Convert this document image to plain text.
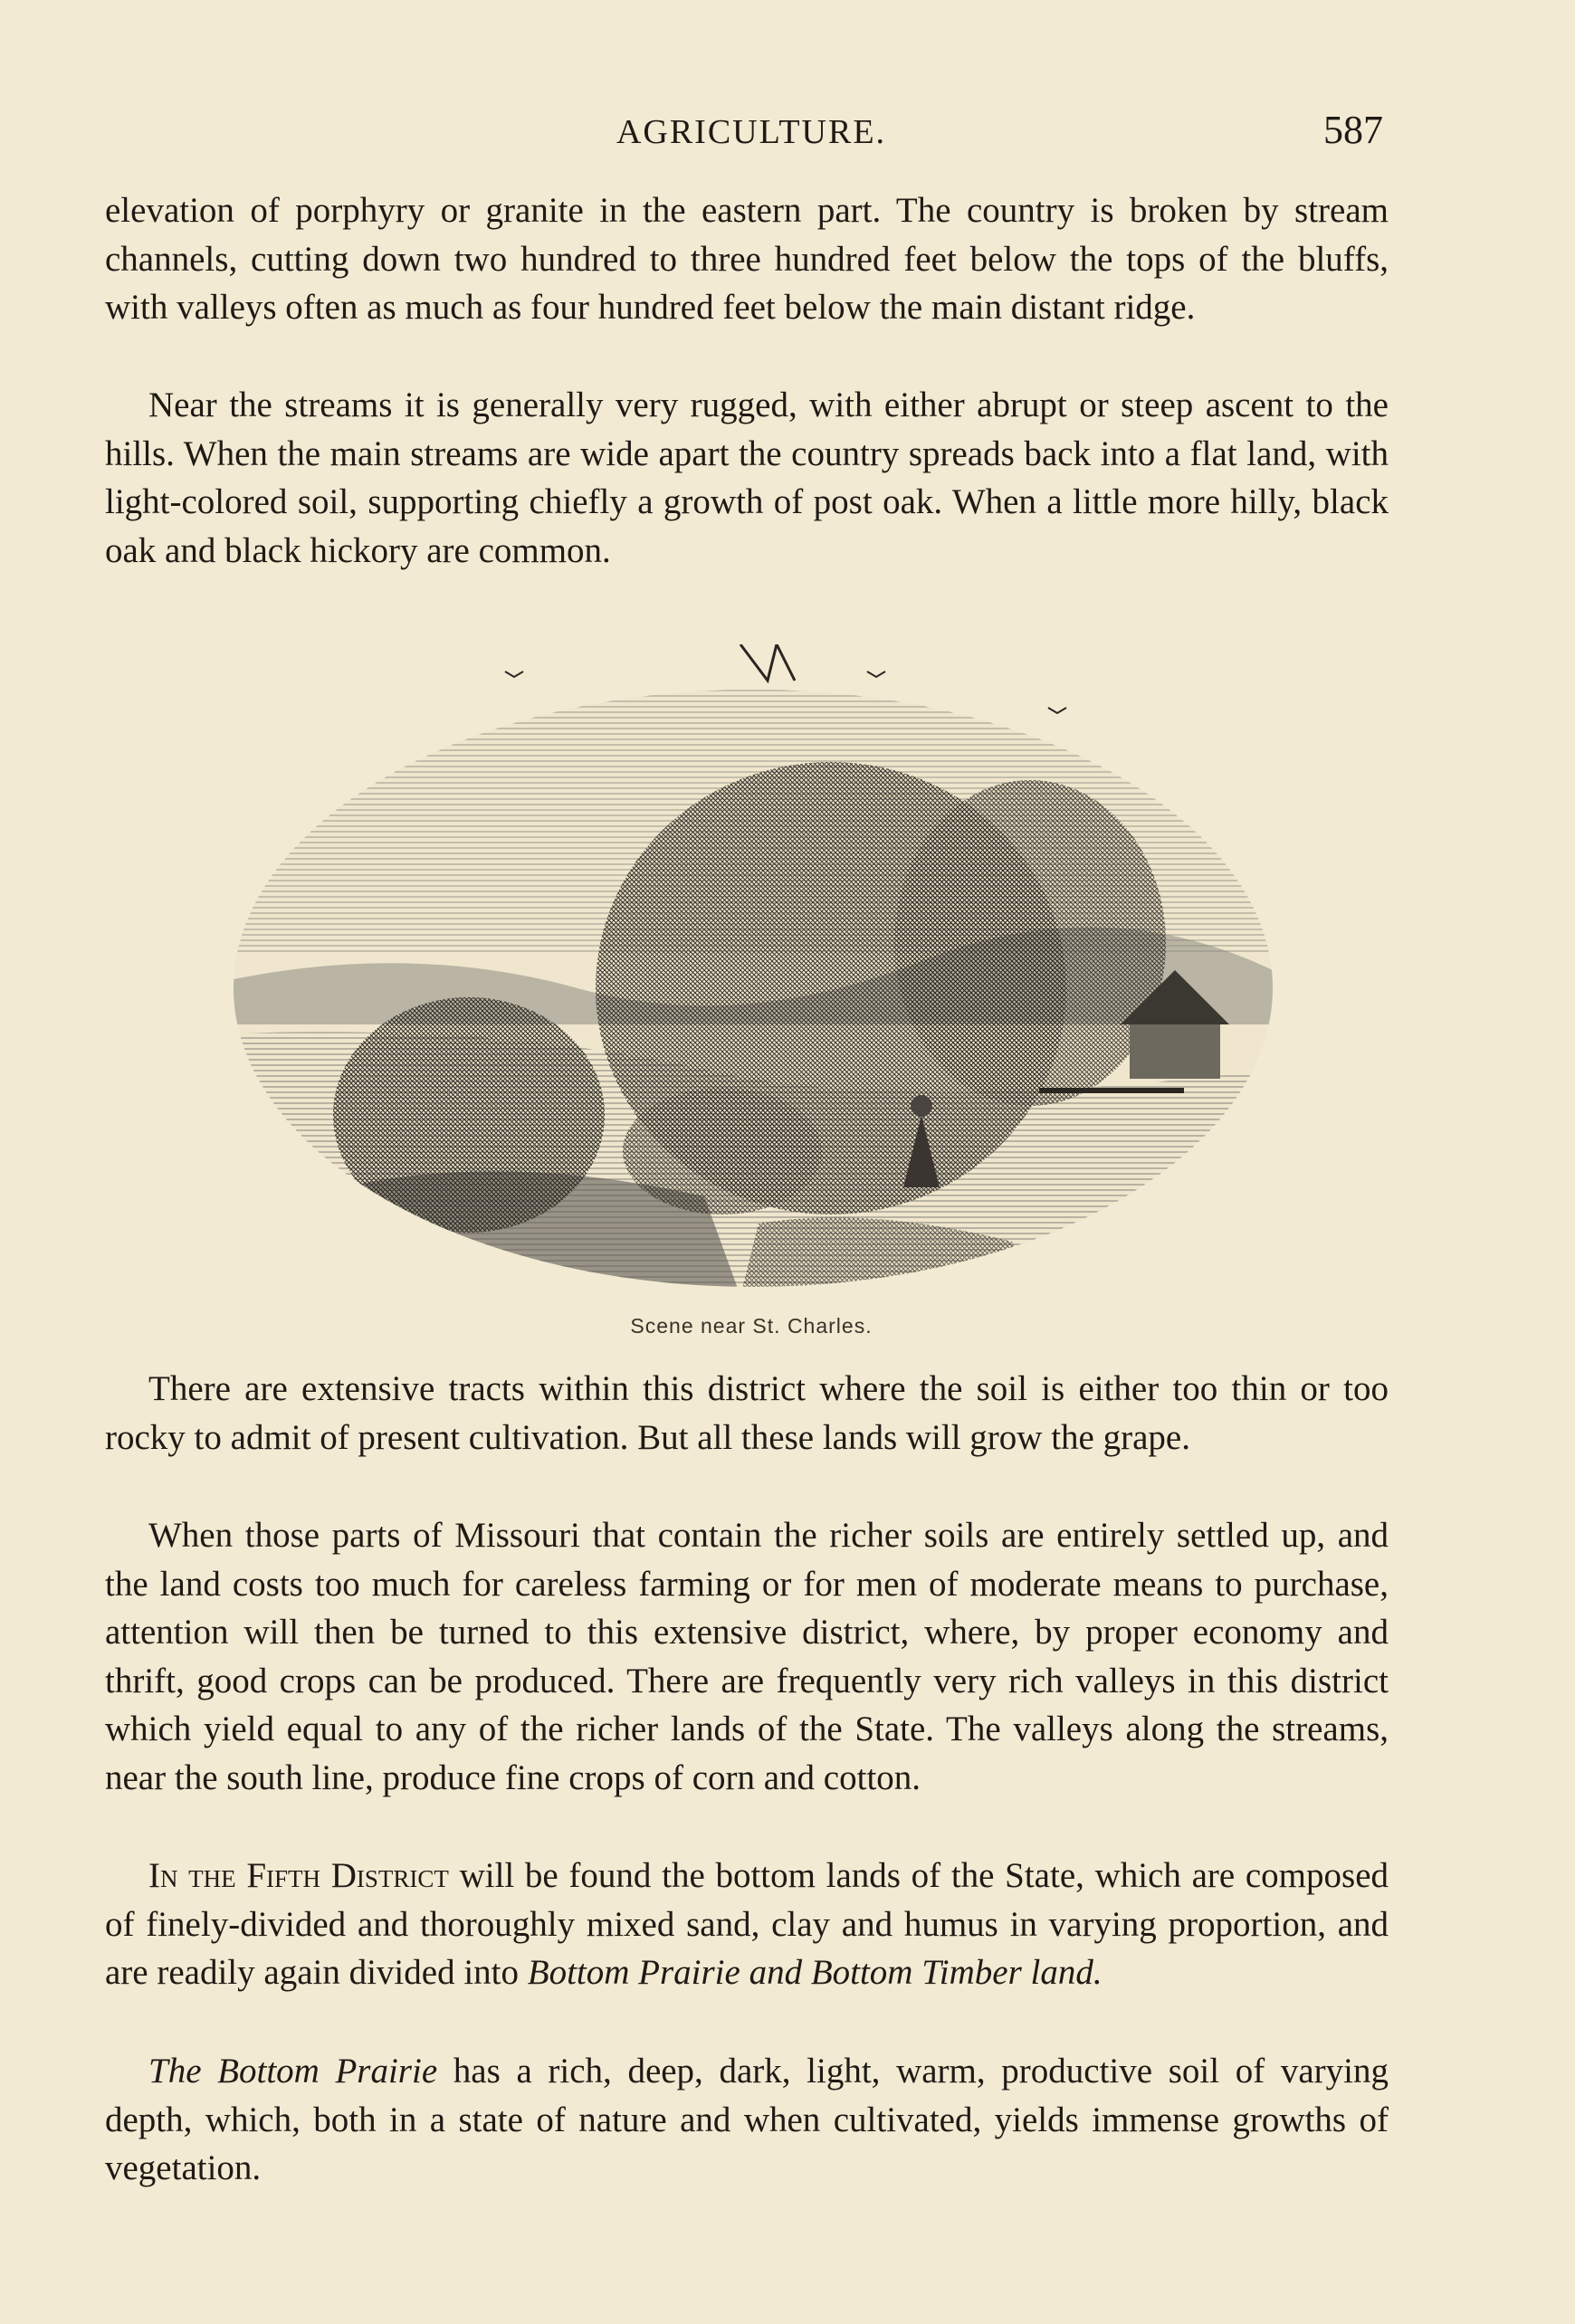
AGRICULTURE.	587

elevation of porphyry or granite in the eastern part. The country is broken by stream channels, cutting down two hundred to three hundred feet below the tops of the bluffs, with valleys often as much as four hundred feet below the main distant ridge.

Near the streams it is generally very rugged, with either abrupt or steep ascent to the hills. When the main streams are wide apart the country spreads back into a flat land, with light-colored soil, supporting chiefly a growth of post oak. When a little more hilly, black oak and black hickory are common.

Scene near St. Charles.

There are extensive tracts within this district where the soil is either too thin or too rocky to admit of present cultivation. But all these lands will grow the grape.

When those parts of Missouri that contain the richer soils are entirely settled up, and the land costs too much for careless farming or for men of moderate means to purchase, attention will then be turned to this extensive district, where, by proper economy and thrift, good crops can be produced. There are frequently very rich valleys in this district which yield equal to any of the richer lands of the State. The valleys along the streams, near the south line, produce fine crops of corn and cotton.

In the Fifth District will be found the bottom lands of the State, which are composed of finely-divided and thoroughly mixed sand, clay and humus in varying proportion, and are readily again divided into Bottom Prairie and Bottom Timber land.

The Bottom Prairie has a rich, deep, dark, light, warm, productive soil of varying depth, which, both in a state of nature and when cultivated, yields immense growths of vegetation.
